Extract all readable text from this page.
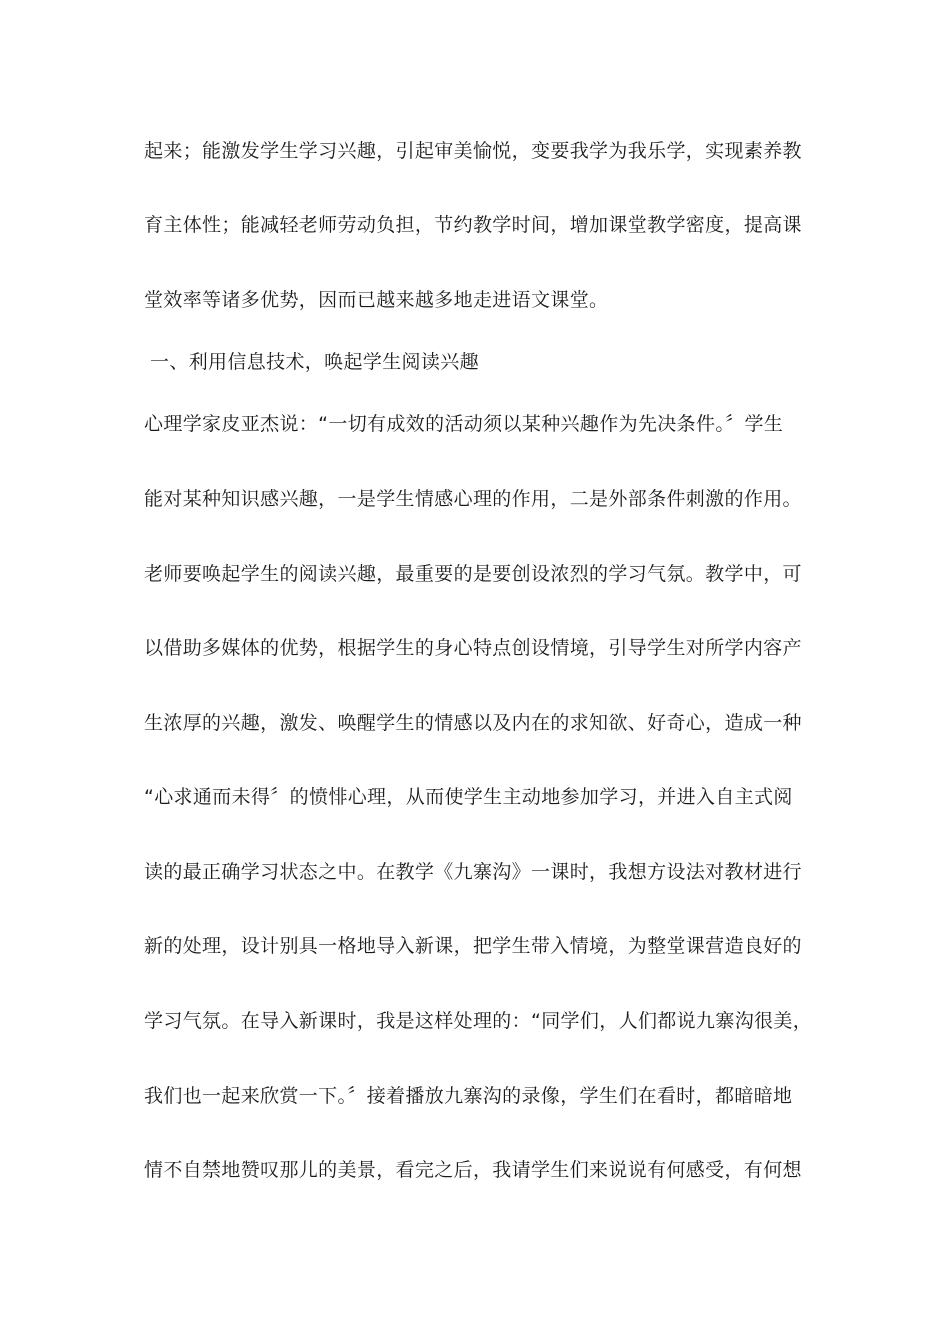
起来；能激发学生学习兴趣，引起审美愉悦，变要我学为我乐学，实现素养教
育主体性；能减轻老师劳动负担，节约教学时间，增加课堂教学密度，提高课
堂效率等诸多优势，因而已越来越多地走进语文课堂。
一、利用信息技术，唤起学生阅读兴趣
心理学家皮亚杰说：“一切有成效的活动须以某种兴趣作为先决条件。〞学生
能对某种知识感兴趣，一是学生情感心理的作用，二是外部条件刺激的作用。
老师要唤起学生的阅读兴趣，最重要的是要创设浓烈的学习气氛。教学中，可
以借助多媒体的优势，根据学生的身心特点创设情境，引导学生对所学内容产
生浓厚的兴趣，激发、唤醒学生的情感以及内在的求知欲、好奇心，造成一种
“心求通而未得〞的愤悱心理，从而使学生主动地参加学习，并进入自主式阅
读的最正确学习状态之中。在教学《九寨沟》一课时，我想方设法对教材进行
新的处理，设计别具一格地导入新课，把学生带入情境，为整堂课营造良好的
学习气氛。在导入新课时，我是这样处理的：“同学们，人们都说九寨沟很美，
我们也一起来欣赏一下。〞接着播放九寨沟的录像，学生们在看时，都暗暗地
情不自禁地赞叹那儿的美景，看完之后，我请学生们来说说有何感受，有何想
